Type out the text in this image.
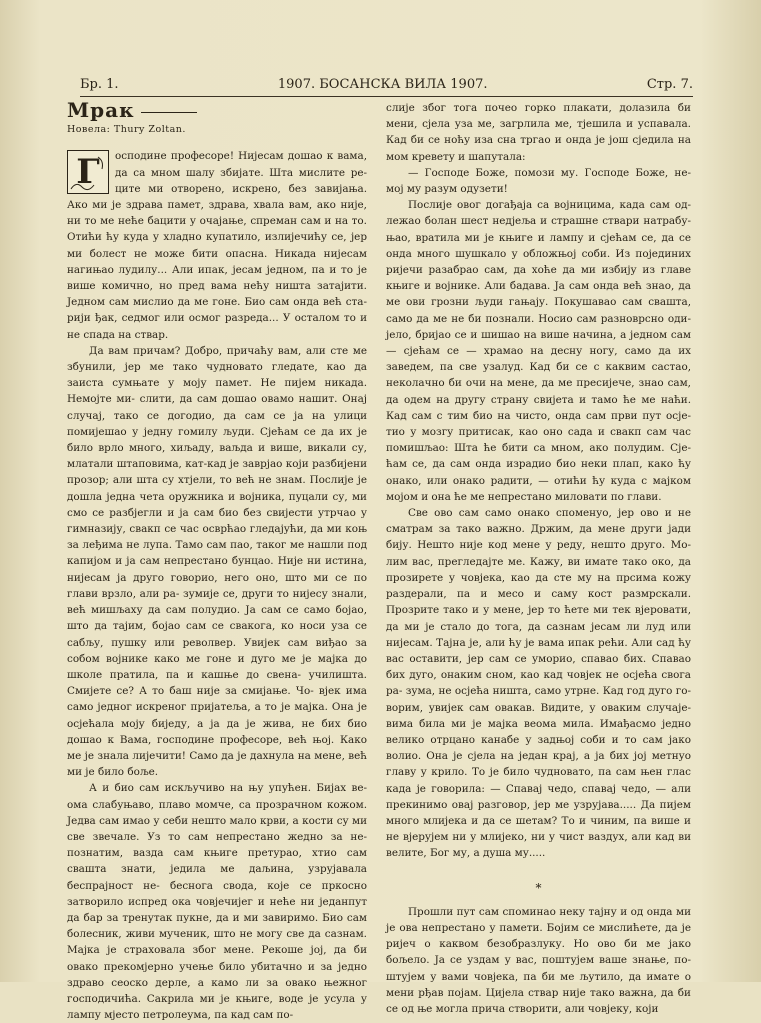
Бр. 1.	1907. БОСАНСКА ВИЛА 1907.	Стр. 7.
Мрак
Новела: Thury Zoltan.
Г	осподине професоре! Нијесам дошао к вама, да са мном шалу збијате. Шта мислите ре- ците ми отворено, искрено, без завијања. Ако ми је здрава памет, здрава, хвала вам, ако није, ни то ме неће бацити у очајање, спреман сам и на то. Отићи ћу куда у хладно купатило, излијечићу се, јер ми болест не може бити опасна. Никада нијесам нагињао лудилу... Али ипак, јесам једном, па и то је више комично, но пред вама нећу ништа затајити. Једном сам мислио да ме гоне. Био сам онда већ ста- рији ђак, седмог или осмог разреда... У осталом то и не спада на ствар.

Да вам причам? Добро, причаћу вам, али сте ме збунили, јер ме тако чудновато гледате, као да заиста сумњате у моју памет. Не пијем никада. Немојте ми- слити, да сам дошао овамо нашит. Онај случај, тако се догодио, да сам се ја на улици помијешао у једну гомилу људи. Сјећам се да их је било врло много, хиљаду, ваљда и више, викали су, млатали штаповима, кат-кад је заврјао који разбијени прозор; али шта су хтјели, то већ не знам. Послије је дошла једна чета оружника и војника, пуцали су, ми смо се разбјегли и ја сам био без свијести утрчао у гимназију, свакп се час осврћао гледајући, да ми коњ за леђима не лупа. Тамо сам пао, таког ме нашли под капијом и ја сам непрестано бунцао. Није ни истина, нијесам ја друго говорио, него оно, што ми се по глави врзло, али ра- зумије се, други то нијесу знали, већ мишљаху да сам полудио. Ја сам се само бојао, што да тајим, бојао сам се свакога, ко носи уза се сабљу, пушку или ревoлвер. Увијек сам виђао за собом војнике како ме гоне и дуго ме је мајка до школе пратила, па и кашње до свена- училишта. Смијете се? А то баш није за смијање. Чо- вјек има само једног искреног пријатеља, а то је мајка. Она је осјећала моју биједу, а ја да је жива, не бих био дошао к Вама, господине професоре, већ њој. Како ме је знала лијечити! Само да је дахнула на мене, већ ми је било боље.

А и био сам искључиво на њу упућен. Бијах ве- ома слабуњаво, плаво момче, са прозрачном кожом. Једва сам имао у себи нешто мало крви, а кости су ми све звечале. Уз то сам непрестано жедно за не- познатим, вазда сам књиге претурао, хтио сам свашта знати, једила ме даљина, узрујавала беспрајност не- беснога свода, које се пркосно затворило испред ока човјечијег и неће ни једанпут да бар за тренутак пукне, да и ми завиримо. Био сам болесник, живи мученик, што не могу све да сазнам. Мајка је страховала због мене. Рекоше јој, да би овако прекомјерно учење било убитачно и за једно здраво сеоско дерле, а камо ли за овако њежног господичића. Сакрила ми је књиге, воде је усула у лампу мјесто петролеума, па кад сам по-

слије због тога почео горко плакати, долазила би мени, сјела уза ме, загрлила ме, тјешила и успавала. Кад би се ноћу иза сна тргао и онда је још сједила на мом кревету и шапутала:

— Господе Боже, помози му. Господе Боже, не- мој му разум одузети!

Послије овог догађаја са војницима, када сам од- лежао болан шест недјеља и страшне ствари натрабу- њао, вратила ми је књиге и лампу и сјећам се, да се онда много шушкало у обложњој соби. Из појединих ријечи разабрао сам, да хоће да ми избију из главе књиге и војнике. Али бадава. Ја сам онда већ знао, да ме ови грозни људи гањају. Покушавао сам свашта, само да ме не би познали. Носио сам разноврсно оди- јело, бријао се и шишао на више начина, а једном сам — сјећам се — храмао на десну ногу, само да их заведем, па све узалуд. Кад би се с каквим састао, неколачно би очи на мене, да ме пресијече, знао сам, да одем на другу страну свијета и тамо ће ме наћи. Кад сам с тим био на чисто, онда сам први пут осје- тио у мозгу притисак, као оно сада и свакп сам час помишљао: Шта ће бити са мном, ако полудим. Сје- ћам се, да сам онда изрaдио био неки плап, како ћу онако, или онако радити, — отићи ћу куда с мајком мојом и она ће ме непрестано миловати по глави.

Све ово сам само онако споменуо, јер ово и не сматрам за тако важно. Држим, да мене други јади бију. Нешто није код мене у реду, нешто друго. Мо- лим вас, прегледајте ме. Кажу, ви имате тако око, да прозирете у човјека, као да сте му на прсима кожу раздерали, па и месо и саму кост размрскали. Прозрите тако и у мене, јер то ћете ми тек вјеровати, да ми је стало до тога, да сазнам јесам ли луд или нијесам. Тајна је, али ћу је вама ипак рећи. Али сад ћу вас оставити, јер сам се уморио, спавао бих. Спавао бих дуго, онаким сном, као кад човјек не осјећа свога ра- зума, не осјећа ништа, само утрне. Кад год дуго го- ворим, увијек сам овакав. Видите, у оваким случаје- вима била ми је мајка веома мила. Имађасмо једно велико отрцано канабе у задњој соби и то сам јако волио. Она је сјела на један крај, а ја бих јој метнуо главу у крило. То је било чудновато, па сам њен глас када је говорила: — Спавај чедо, спавај чедо, — али прекинимо овај разговор, јер ме узрујава..... Да пијем много млијека и да се шетам? То и чиним, па више и не вјерујем ни у млијеко, ни у чист ваздух, али кад ви велите, Бог му, а душа му.....

*

Прошли пут сам споминао неку тајну и од онда ми је ова непрестано у памети. Бојим се мислићете, да је ријеч о каквом безобразлуку. Но ово би ме јако бољело. Ја се уздам у вас, поштујем ваше знање, по- штујем у вами човјека, па би ме љутило, да имате о мени рђав појам. Цијела ствар није тако важна, да би се од ње могла прича створити, али човјеку, који
